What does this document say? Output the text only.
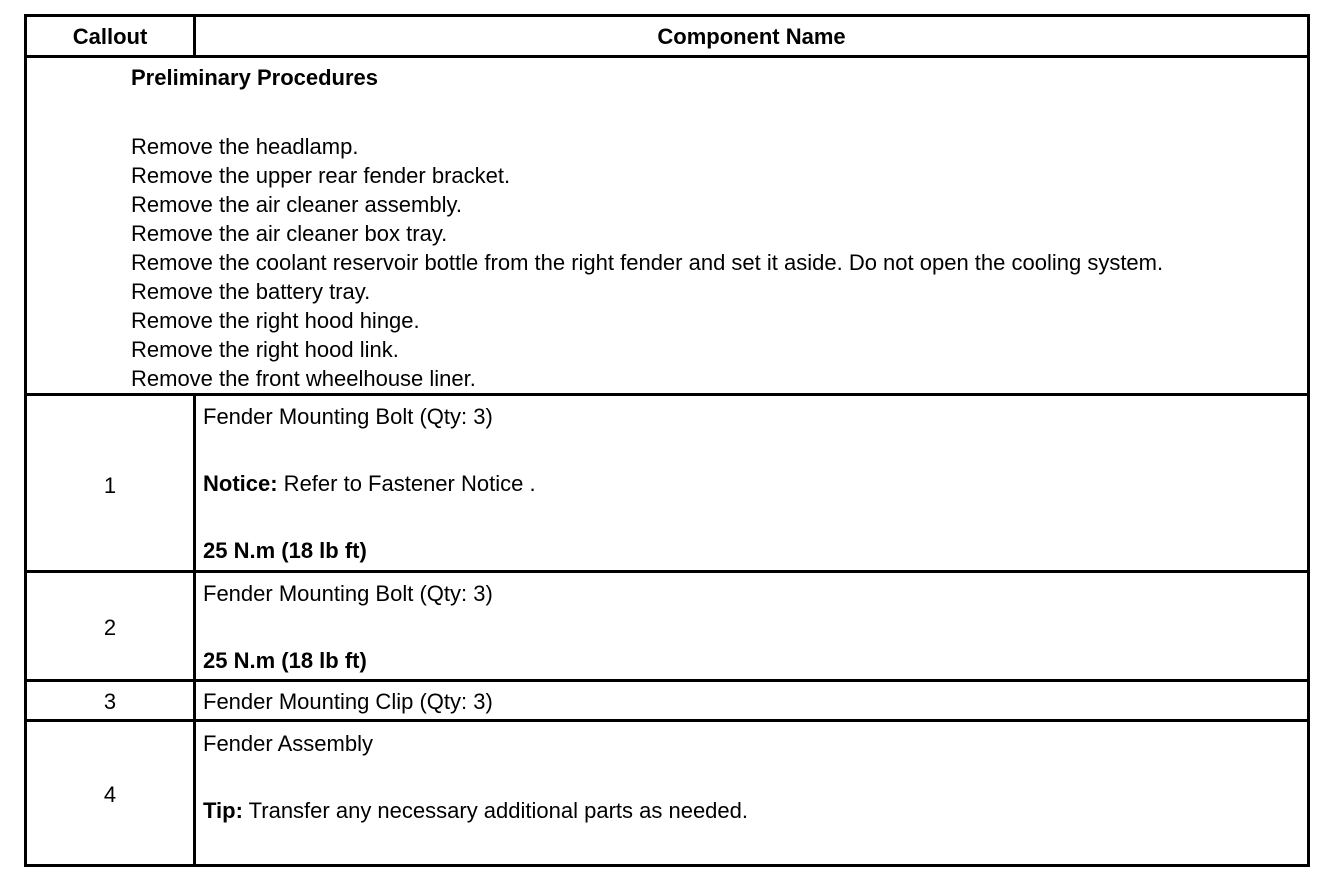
Callout	Component Name
Preliminary Procedures
Remove the headlamp.
Remove the upper rear fender bracket.
Remove the air cleaner assembly.
Remove the air cleaner box tray.
Remove the coolant reservoir bottle from the right fender and set it aside. Do not open the cooling system.
Remove the battery tray.
Remove the right hood hinge.
Remove the right hood link.
Remove the front wheelhouse liner.
1
Fender Mounting Bolt (Qty: 3)
Notice: Refer to Fastener Notice .
25 N.m (18 lb ft)
2
Fender Mounting Bolt (Qty: 3)
25 N.m (18 lb ft)
3	Fender Mounting Clip (Qty: 3)
4
Fender Assembly
Tip: Transfer any necessary additional parts as needed.
